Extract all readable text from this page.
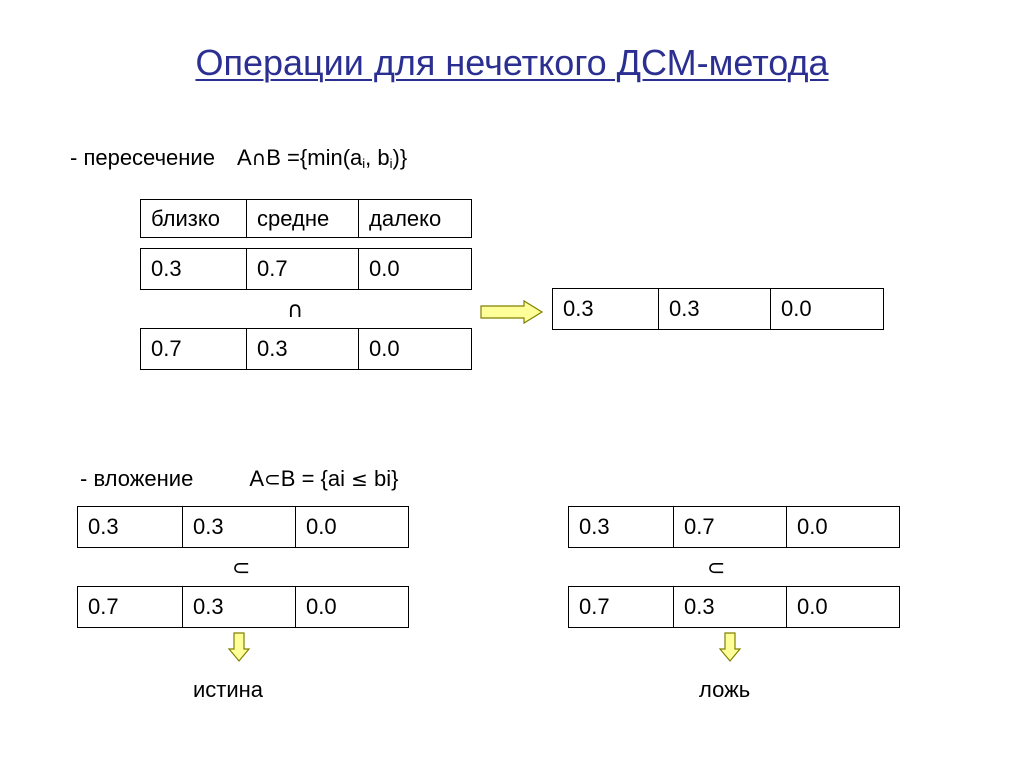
Операции для нечеткого ДСМ-метода
- пересечение A∩B $=\{\min(a_i$, $b_i$)}
близко	средне	далеко
0.3	0.7	0.0
∩
0.7	0.3	0.0
0.3	0.3	0.0
- вложение	A⊂B = {ai ≤ bi}
0.3	0.3	0.0
⊂
0.7	0.3	0.0
истина
0.3	0.7	0.0
⊂
0.7	0.3	0.0
ложь
